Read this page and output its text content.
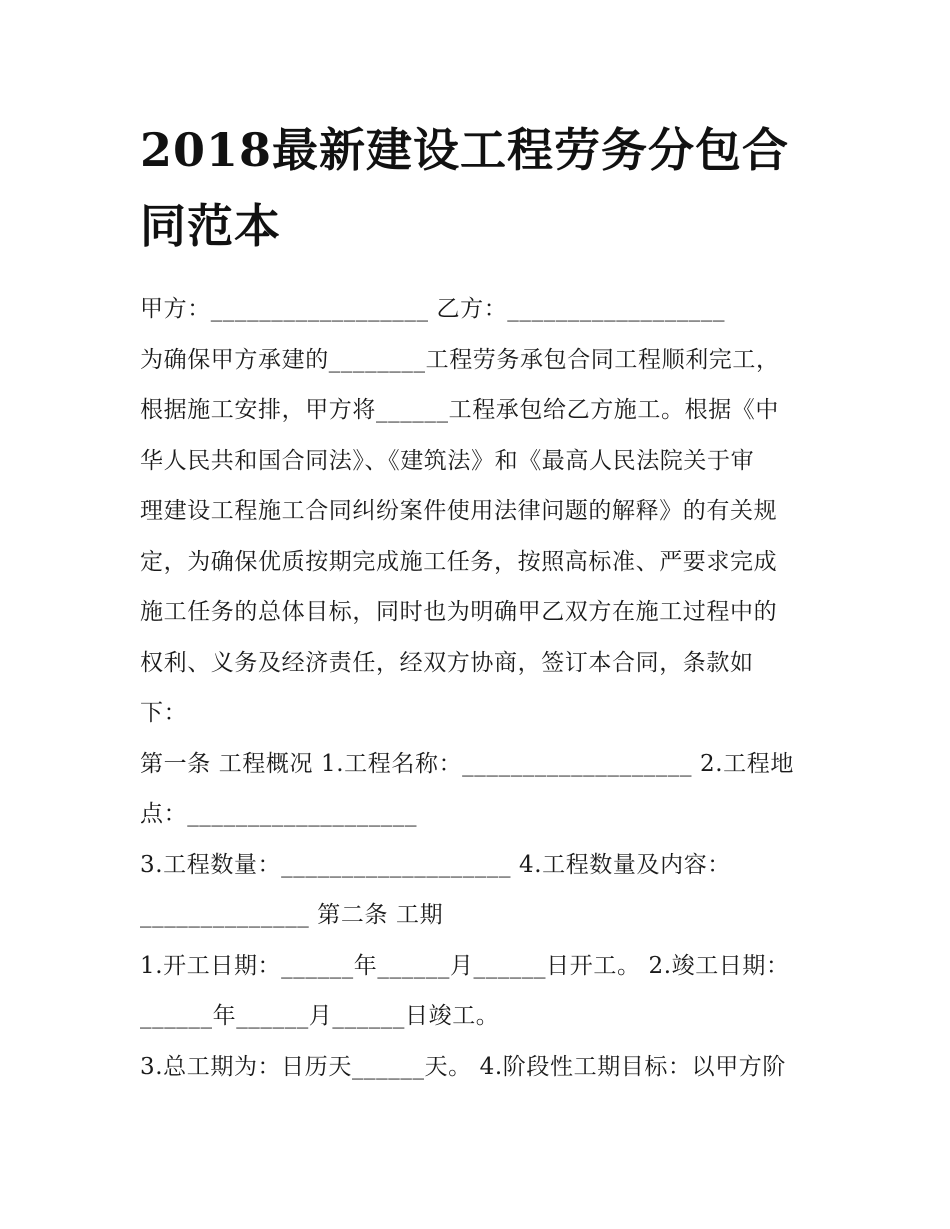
2018最新建设工程劳务分包合
同范本
甲方：__________________ 乙方：__________________
为确保甲方承建的________工程劳务承包合同工程顺利完工，
根据施工安排，甲方将______工程承包给乙方施工。根据《中
华人民共和国合同法》、《建筑法》和《最高人民法院关于审
理建设工程施工合同纠纷案件使用法律问题的解释》的有关规
定，为确保优质按期完成施工任务，按照高标准、严要求完成
施工任务的总体目标，同时也为明确甲乙双方在施工过程中的
权利、义务及经济责任，经双方协商，签订本合同，条款如
下：
第一条 工程概况 1.工程名称：___________________ 2.工程地
点：___________________
3.工程数量：___________________ 4.工程数量及内容：
______________ 第二条 工期
1.开工日期：______年______月______日开工。 2.竣工日期：
______年______月______日竣工。
3.总工期为：日历天______天。 4.阶段性工期目标：以甲方阶
